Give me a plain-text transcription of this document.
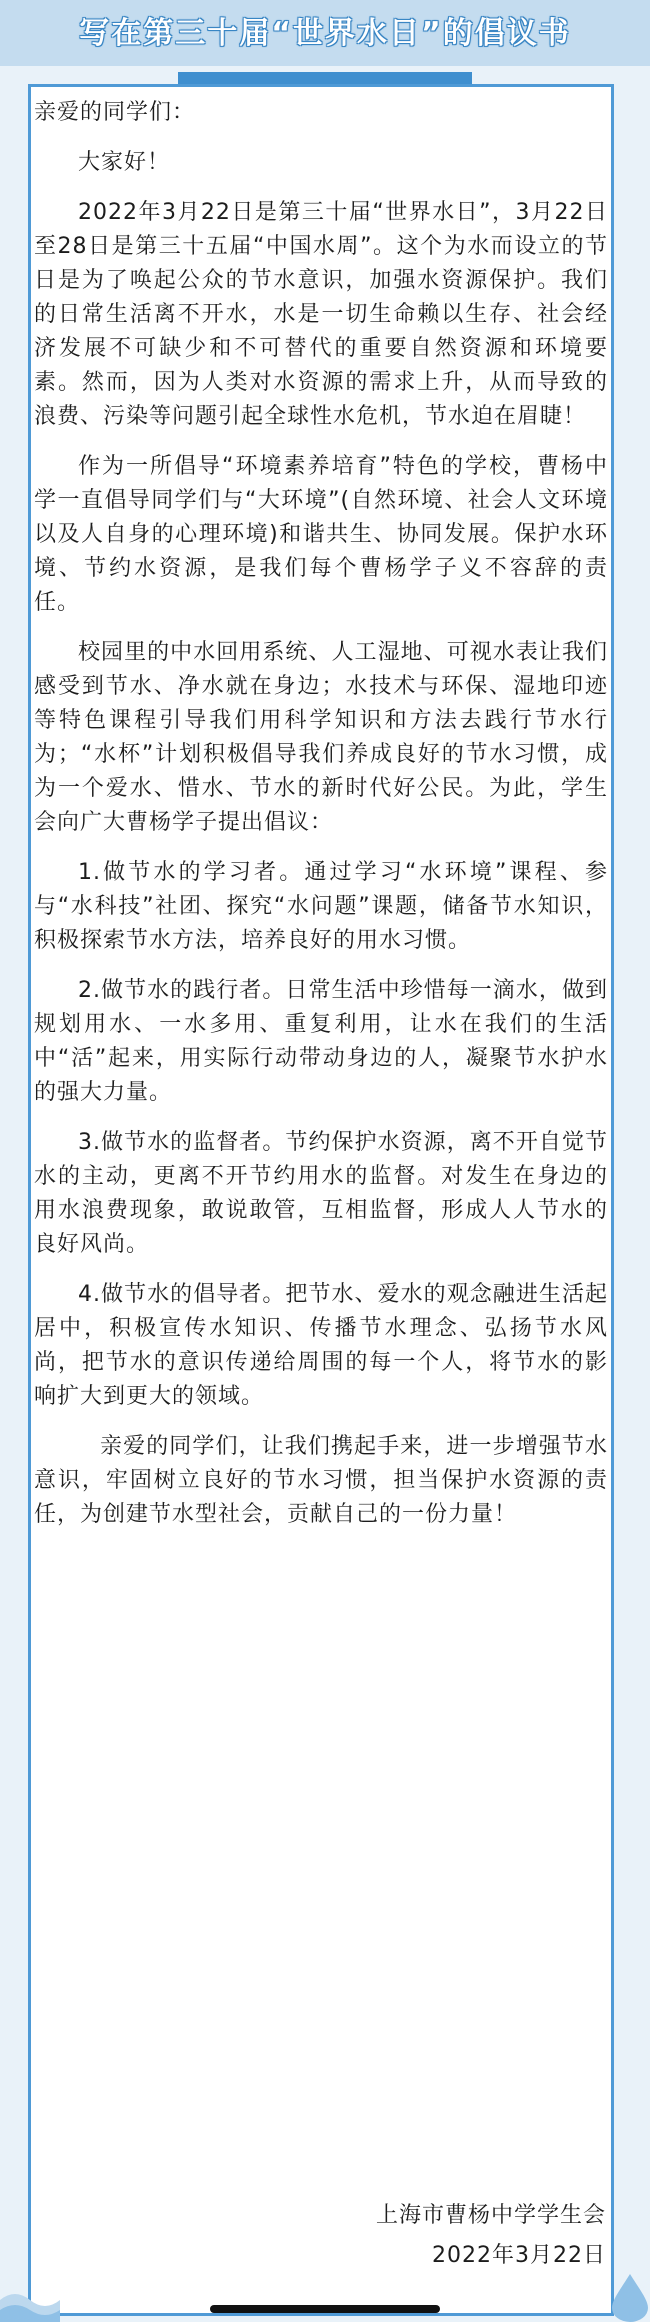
写在第三十届“世界水日”的倡议书

亲爱的同学们：

大家好！

2022年3月22日是第三十届“世界水日”，3月22日至28日是第三十五届“中国水周”。这个为水而设立的节日是为了唤起公众的节水意识，加强水资源保护。我们的日常生活离不开水，水是一切生命赖以生存、社会经济发展不可缺少和不可替代的重要自然资源和环境要素。然而，因为人类对水资源的需求上升，从而导致的浪费、污染等问题引起全球性水危机，节水迫在眉睫！

作为一所倡导“环境素养培育”特色的学校，曹杨中学一直倡导同学们与“大环境”(自然环境、社会人文环境以及人自身的心理环境)和谐共生、协同发展。保护水环境、节约水资源，是我们每个曹杨学子义不容辞的责任。

校园里的中水回用系统、人工湿地、可视水表让我们感受到节水、净水就在身边；水技术与环保、湿地印迹等特色课程引导我们用科学知识和方法去践行节水行为；“水杯”计划积极倡导我们养成良好的节水习惯，成为一个爱水、惜水、节水的新时代好公民。为此，学生会向广大曹杨学子提出倡议：

1.做节水的学习者。通过学习“水环境”课程、参与“水科技”社团、探究“水问题”课题，储备节水知识，积极探索节水方法，培养良好的用水习惯。

2.做节水的践行者。日常生活中珍惜每一滴水，做到规划用水、一水多用、重复利用，让水在我们的生活中“活”起来，用实际行动带动身边的人，凝聚节水护水的强大力量。

3.做节水的监督者。节约保护水资源，离不开自觉节水的主动，更离不开节约用水的监督。对发生在身边的用水浪费现象，敢说敢管，互相监督，形成人人节水的良好风尚。

4.做节水的倡导者。把节水、爱水的观念融进生活起居中，积极宣传水知识、传播节水理念、弘扬节水风尚，把节水的意识传递给周围的每一个人，将节水的影响扩大到更大的领域。

亲爱的同学们，让我们携起手来，进一步增强节水意识，牢固树立良好的节水习惯，担当保护水资源的责任，为创建节水型社会，贡献自己的一份力量！

上海市曹杨中学学生会
2022年3月22日
